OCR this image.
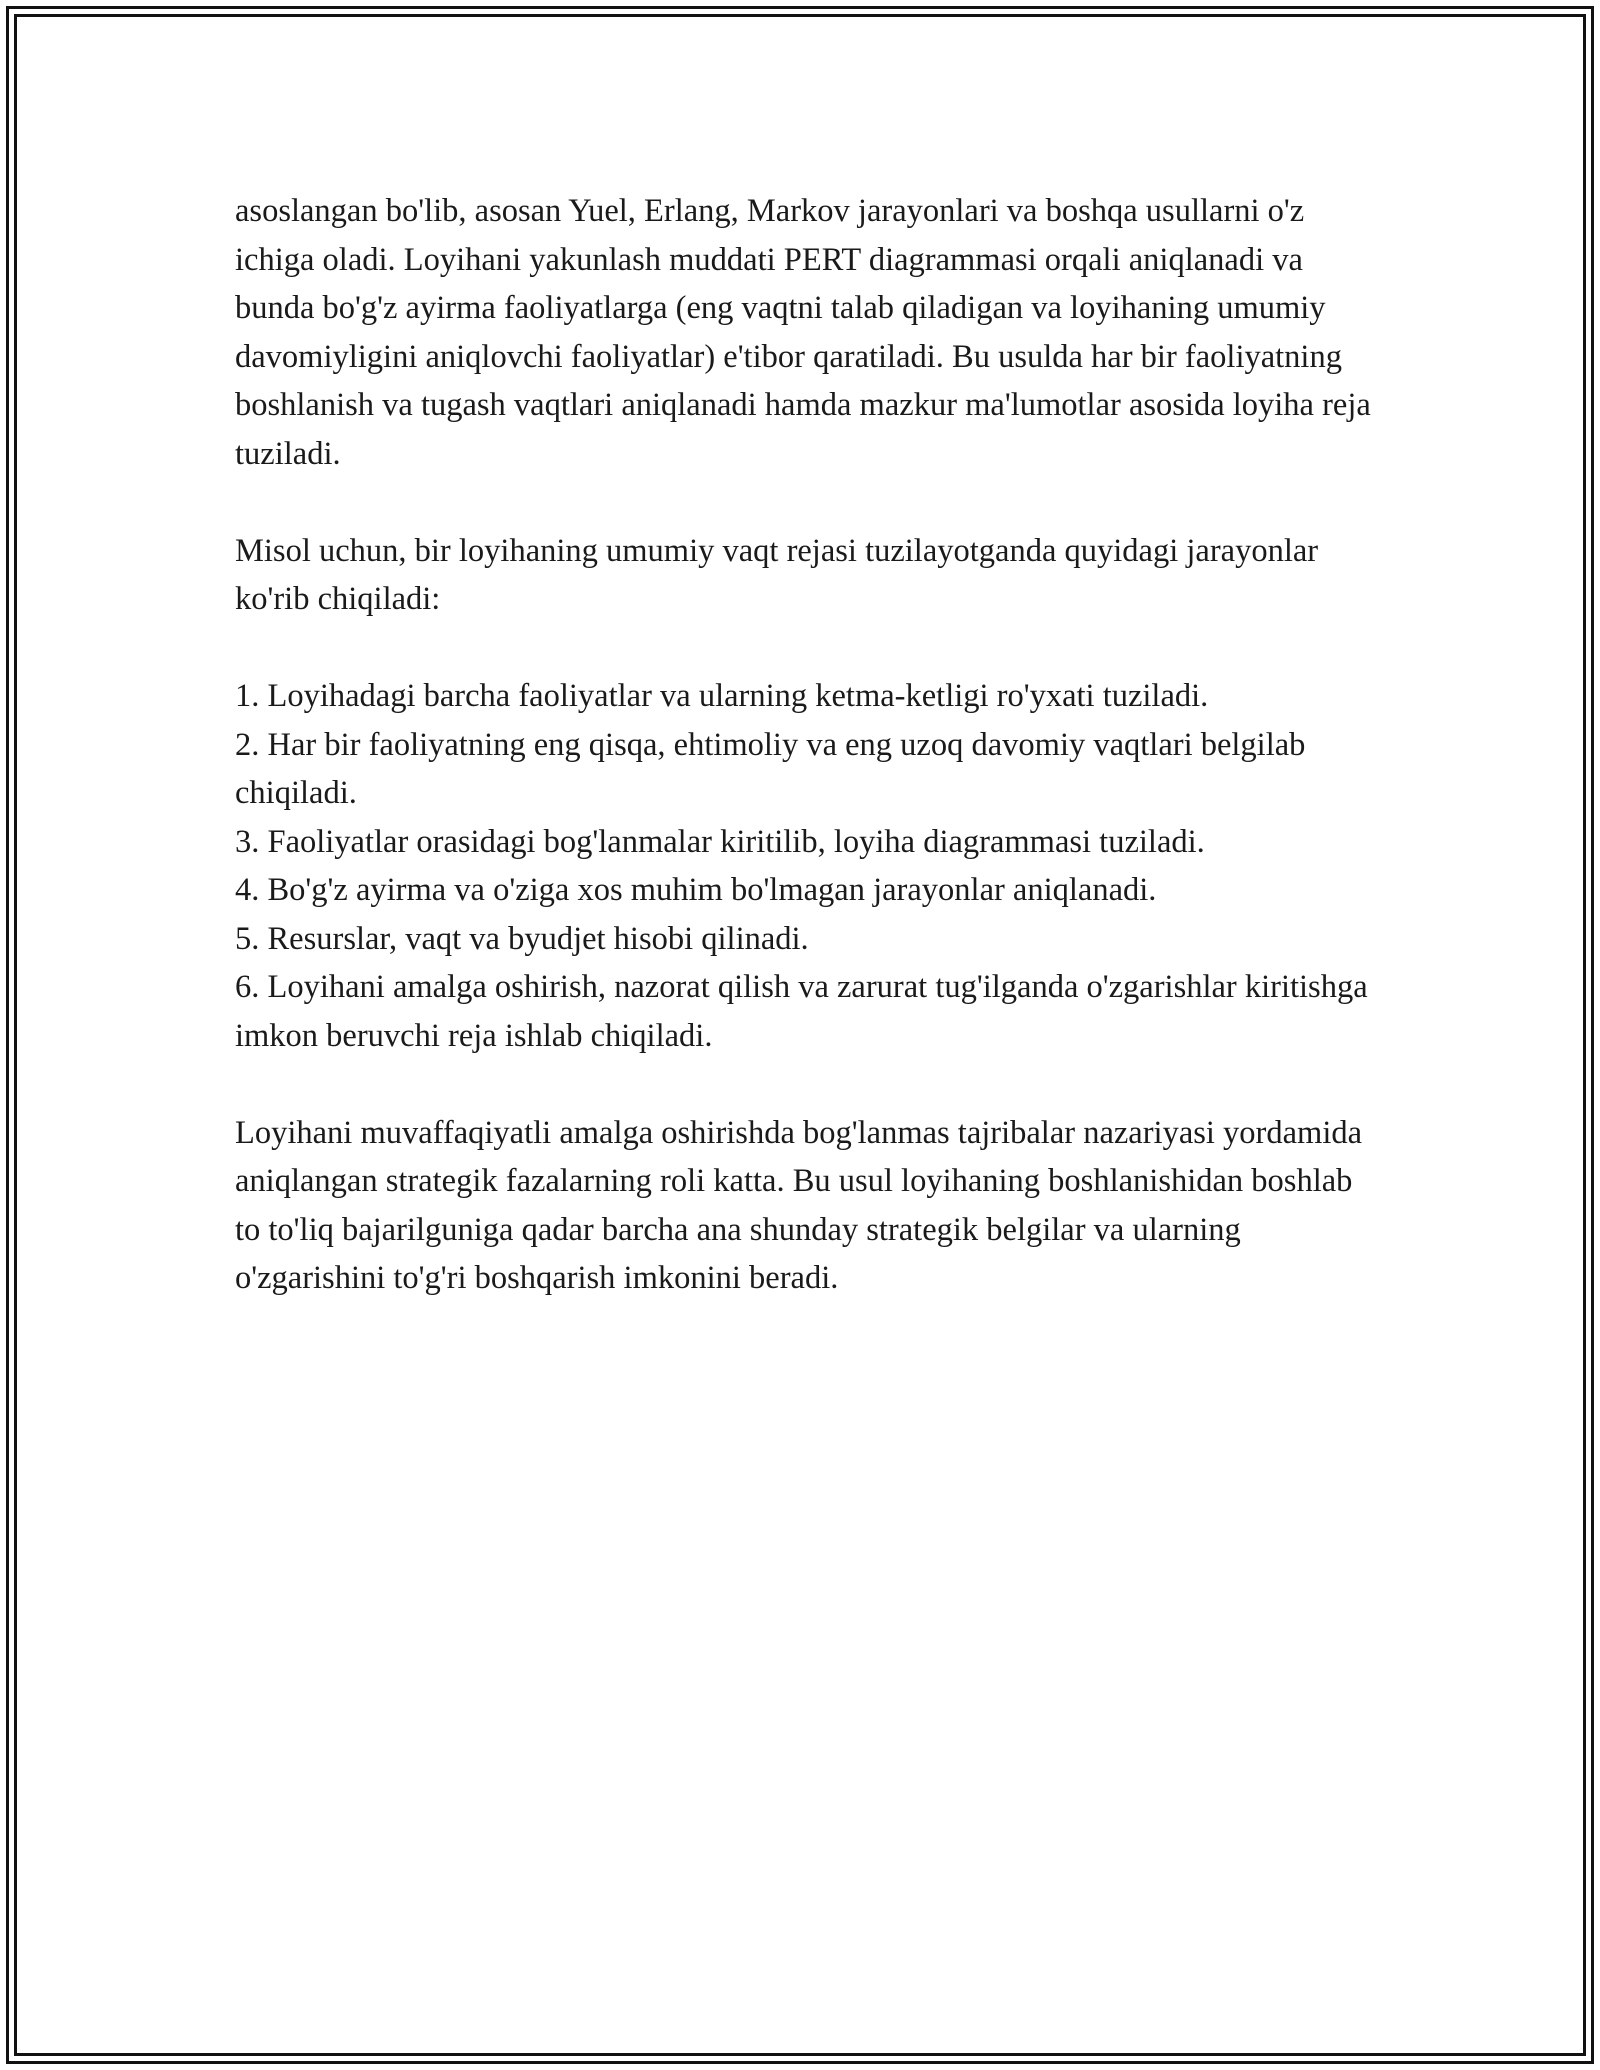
asoslangan bo'lib, asosan Yuel, Erlang, Markov jarayonlari va boshqa usullarni o'z ichiga oladi. Loyihani yakunlash muddati PERT diagrammasi orqali aniqlanadi va bunda bo'g'z ayirma faoliyatlarga (eng vaqtni talab qiladigan va loyihaning umumiy davomiyligini aniqlovchi faoliyatlar) e'tibor qaratiladi. Bu usulda har bir faoliyatning boshlanish va tugash vaqtlari aniqlanadi hamda mazkur ma'lumotlar asosida loyiha reja tuziladi.

Misol uchun, bir loyihaning umumiy vaqt rejasi tuzilayotganda quyidagi jarayonlar ko'rib chiqiladi:

1. Loyihadagi barcha faoliyatlar va ularning ketma-ketligi ro'yxati tuziladi.

2. Har bir faoliyatning eng qisqa, ehtimoliy va eng uzoq davomiy vaqtlari belgilab chiqiladi.

3. Faoliyatlar orasidagi bog'lanmalar kiritilib, loyiha diagrammasi tuziladi.

4. Bo'g'z ayirma va o'ziga xos muhim bo'lmagan jarayonlar aniqlanadi.

5. Resurslar, vaqt va byudjet hisobi qilinadi.

6. Loyihani amalga oshirish, nazorat qilish va zarurat tug'ilganda o'zgarishlar kiritishga imkon beruvchi reja ishlab chiqiladi.

Loyihani muvaffaqiyatli amalga oshirishda bog'lanmas tajribalar nazariyasi yordamida aniqlangan strategik fazalarning roli katta. Bu usul loyihaning boshlanishidan boshlab to to'liq bajarilguniga qadar barcha ana shunday strategik belgilar va ularning o'zgarishini to'g'ri boshqarish imkonini beradi.
